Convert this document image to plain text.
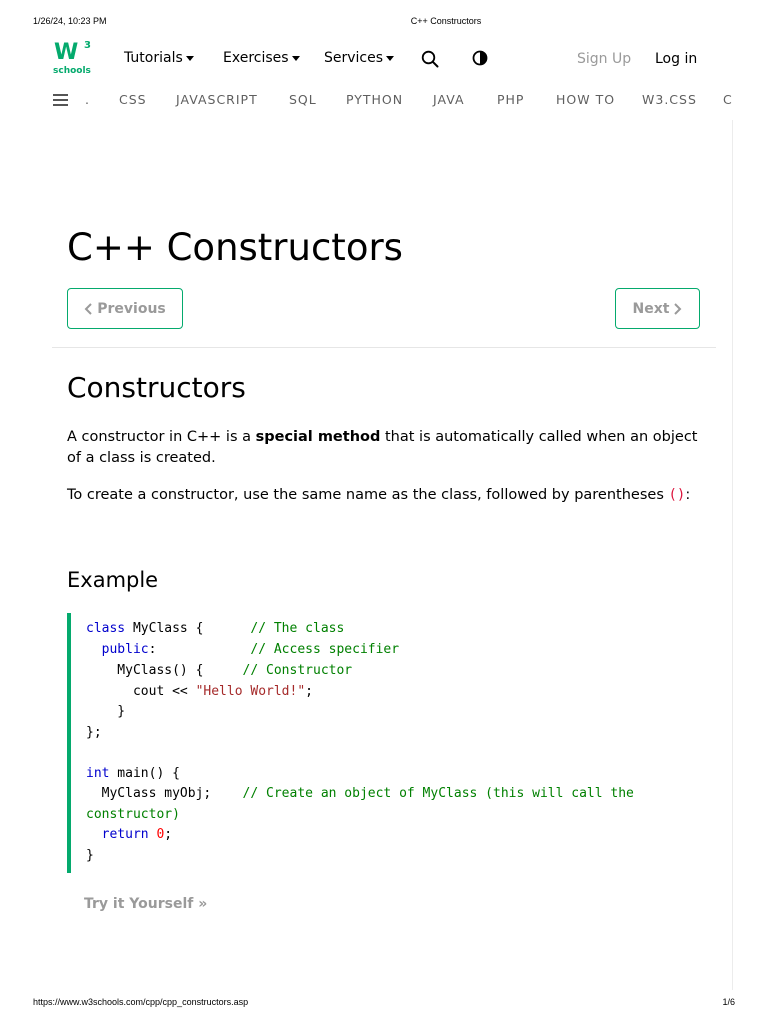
1/26/24, 10:23 PM	C++ Constructors
W 3
schools
Tutorials	Exercises	Services	Sign Up Log in
. CSS JAVASCRIPT	SQL PYTHON JAVA	PHP	HOW TO W3.CSS C
C++ Constructors
Previous	Next
Constructors

A constructor in C++ is a special method that is automatically called when an object of a class is created.

To create a constructor, use the same name as the class, followed by parentheses ():

Example
class MyClass {      // The class
public:            // Access specifier
MyClass() {     // Constructor
cout << "Hello World!";
}
};
int main() {
MyClass myObj;    // Create an object of MyClass (this will call the
constructor)
return 0;
}
Try it Yourself »
https://www.w3schools.com/cpp/cpp_constructors.asp	1/6
